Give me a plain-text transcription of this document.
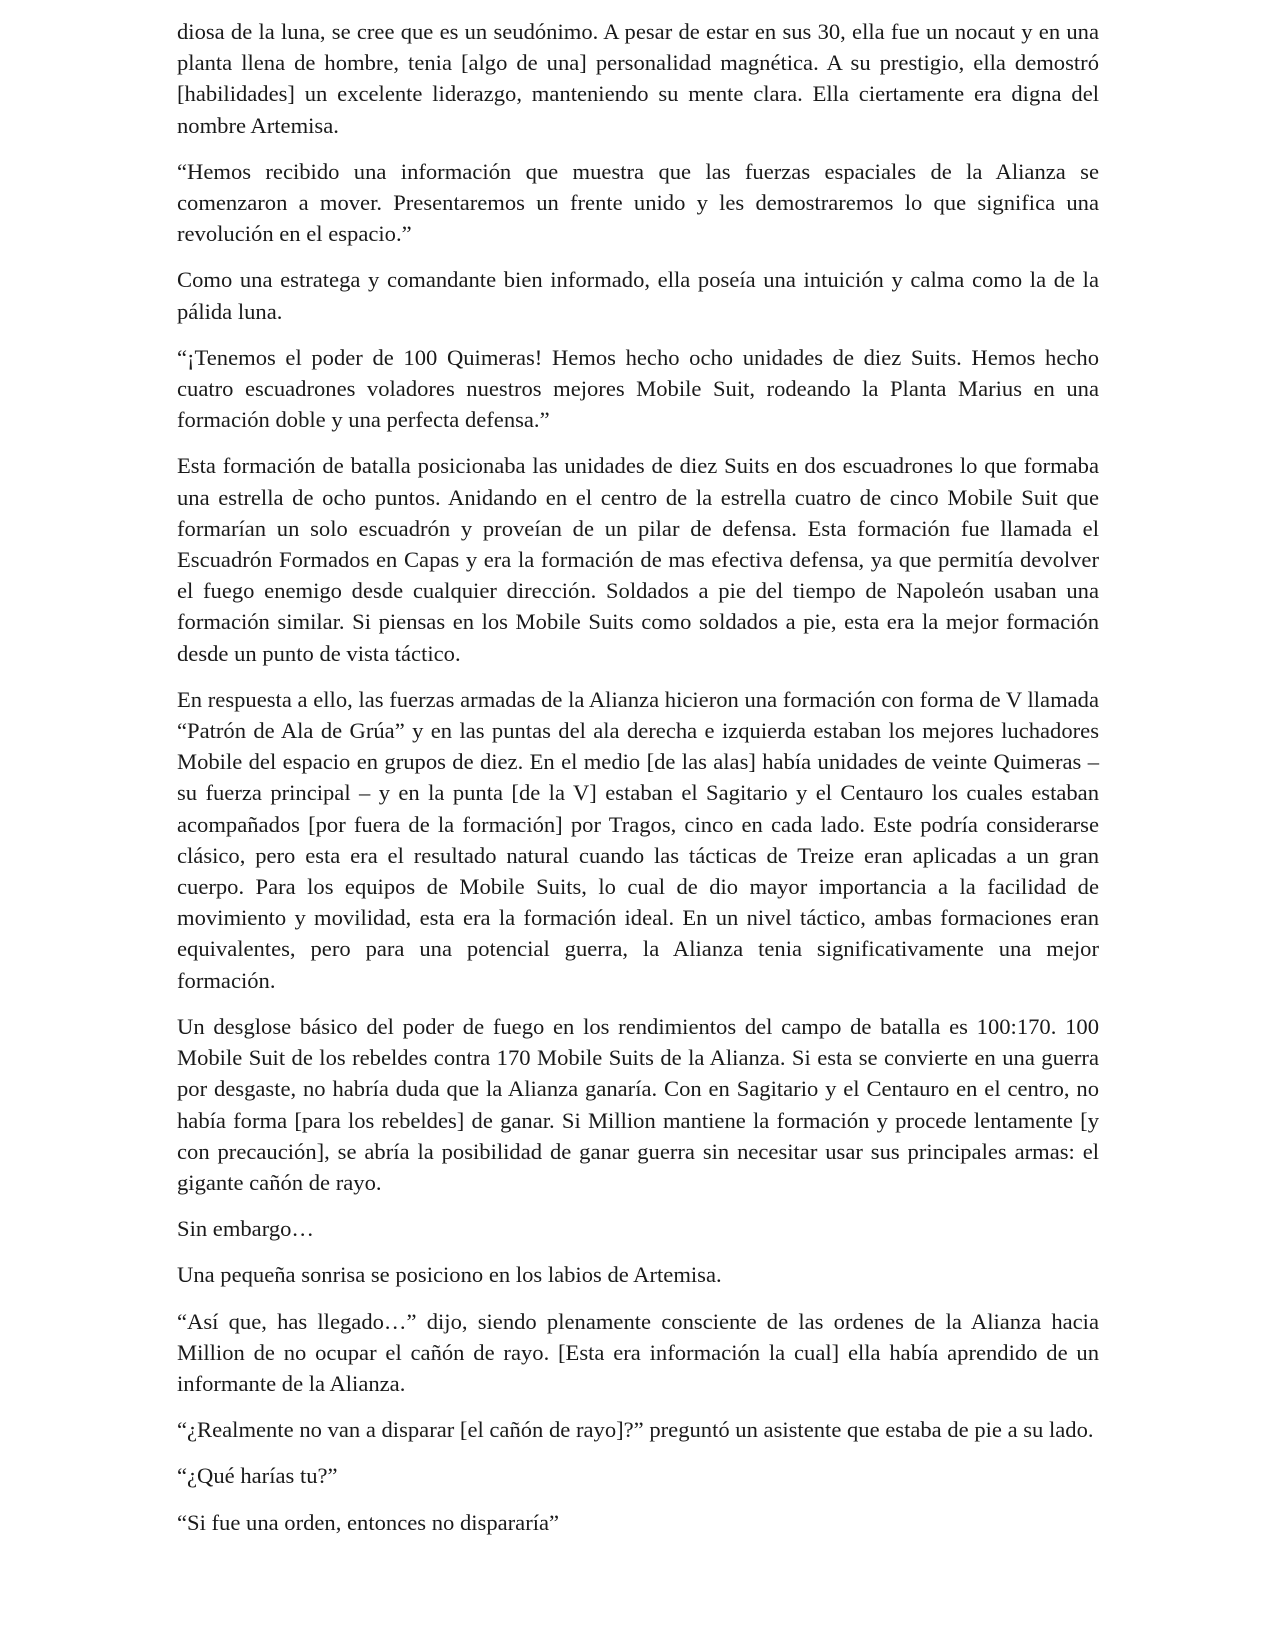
diosa de la luna, se cree que es un seudónimo. A pesar de estar en sus 30, ella fue un nocaut y en una planta llena de hombre, tenia [algo de una] personalidad magnética. A su prestigio, ella demostró [habilidades] un excelente liderazgo, manteniendo su mente clara. Ella ciertamente era digna del nombre Artemisa.

“Hemos recibido una información que muestra que las fuerzas espaciales de la Alianza se comenzaron a mover. Presentaremos un frente unido y les demostraremos lo que significa una revolución en el espacio.”

Como una estratega y comandante bien informado, ella poseía una intuición y calma como la de la pálida luna.

“¡Tenemos el poder de 100 Quimeras! Hemos hecho ocho unidades de diez Suits. Hemos hecho cuatro escuadrones voladores nuestros mejores Mobile Suit, rodeando la Planta Marius en una formación doble y una perfecta defensa.”

Esta formación de batalla posicionaba las unidades de diez Suits en dos escuadrones lo que formaba una estrella de ocho puntos. Anidando en el centro de la estrella cuatro de cinco Mobile Suit que formarían un solo escuadrón y proveían de un pilar de defensa. Esta formación fue llamada el Escuadrón Formados en Capas y era la formación de mas efectiva defensa, ya que permitía devolver el fuego enemigo desde cualquier dirección. Soldados a pie del tiempo de Napoleón usaban una formación similar. Si piensas en los Mobile Suits como soldados a pie, esta era la mejor formación desde un punto de vista táctico.

En respuesta a ello, las fuerzas armadas de la Alianza hicieron una formación con forma de V llamada “Patrón de Ala de Grúa” y en las puntas del ala derecha e izquierda estaban los mejores luchadores Mobile del espacio en grupos de diez. En el medio [de las alas] había unidades de veinte Quimeras – su fuerza principal – y en la punta [de la V] estaban el Sagitario y el Centauro los cuales estaban acompañados [por fuera de la formación] por Tragos, cinco en cada lado. Este podría considerarse clásico, pero esta era el resultado natural cuando las tácticas de Treize eran aplicadas a un gran cuerpo. Para los equipos de Mobile Suits, lo cual de dio mayor importancia a la facilidad de movimiento y movilidad, esta era la formación ideal. En un nivel táctico, ambas formaciones eran equivalentes, pero para una potencial guerra, la Alianza tenia significativamente una mejor formación.

Un desglose básico del poder de fuego en los rendimientos del campo de batalla es 100:170. 100 Mobile Suit de los rebeldes contra 170 Mobile Suits de la Alianza. Si esta se convierte en una guerra por desgaste, no habría duda que la Alianza ganaría. Con en Sagitario y el Centauro en el centro, no había forma [para los rebeldes] de ganar. Si Million mantiene la formación y procede lentamente [y con precaución], se abría la posibilidad de ganar guerra sin necesitar usar sus principales armas: el gigante cañón de rayo.

Sin embargo…

Una pequeña sonrisa se posiciono en los labios de Artemisa.

“Así que, has llegado…” dijo, siendo plenamente consciente de las ordenes de la Alianza hacia Million de no ocupar el cañón de rayo. [Esta era información la cual] ella había aprendido de un informante de la Alianza.

“¿Realmente no van a disparar [el cañón de rayo]?” preguntó un asistente que estaba de pie a su lado.

“¿Qué harías tu?”

“Si fue una orden, entonces no dispararía”
